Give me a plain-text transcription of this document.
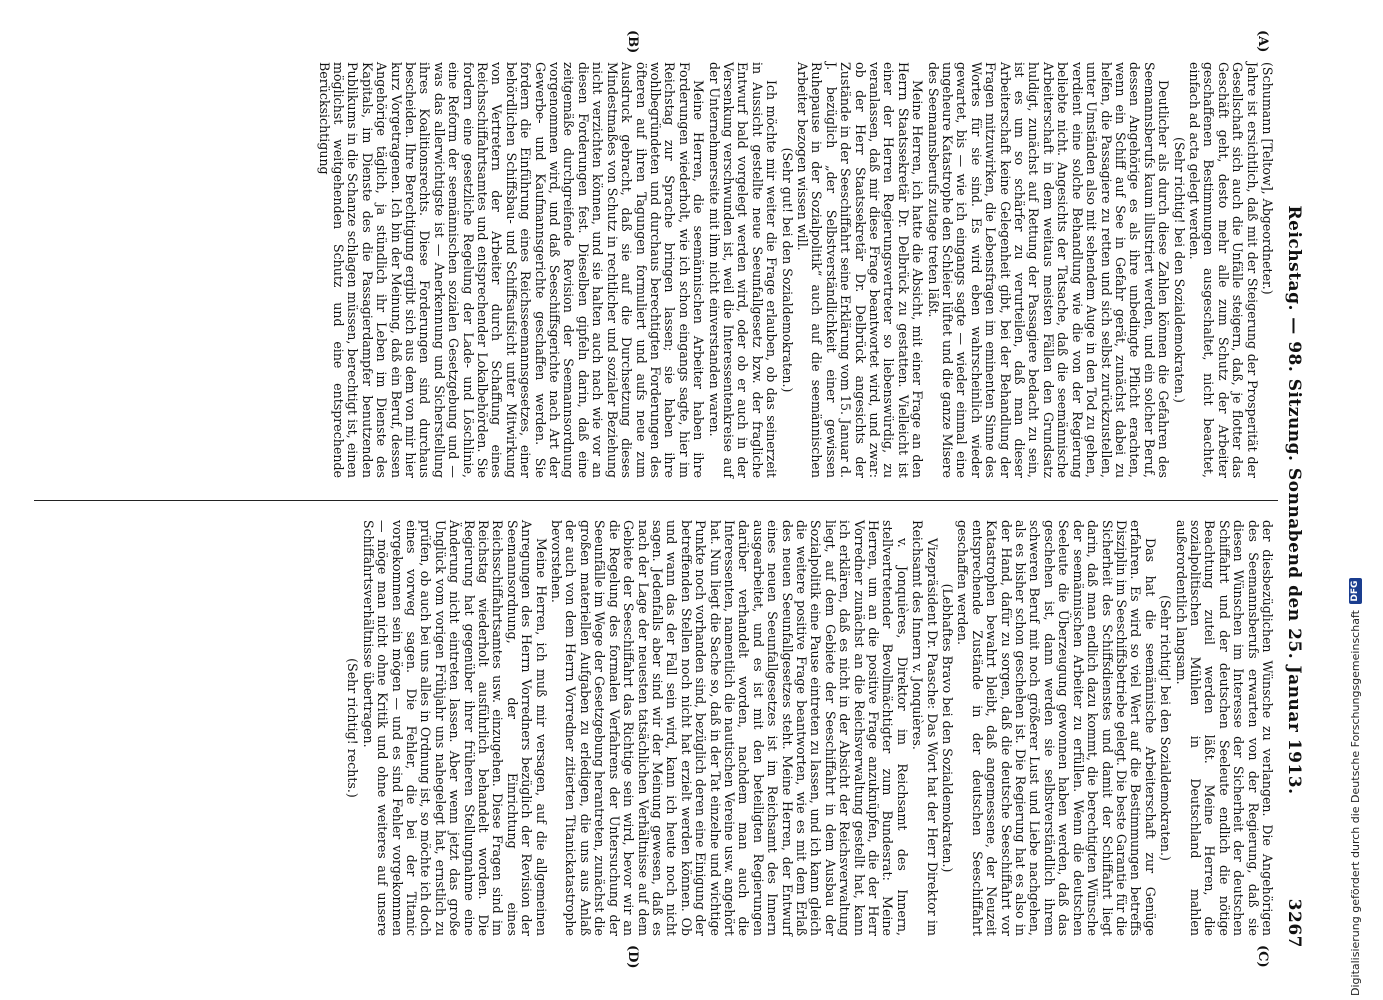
Reichstag. — 98. Sitzung. Sonnabend den 25. Januar 1913.
3267
(A)
(B)
(C)
(D)

(Schumann [Teltow], Abgeordneter.)

Jahre ist ersichtlich, daß mit der Steigerung der Prosperität der Gesellschaft sich auch die Unfälle steigern, daß, je flotter das Geschäft geht, desto mehr alle zum Schutz der Arbeiter geschaffenen Bestimmungen ausgeschaltet, nicht beachtet, einfach ad acta gelegt werden.

(Sehr richtig! bei den Sozialdemokraten.)

Deutlicher als durch diese Zahlen können die Gefahren des Seemannsberufs kaum illustriert werden, und ein solcher Beruf, dessen Angehörige es als ihre unbedingte Pflicht erachten, wenn ein Schiff auf See in Gefahr gerät, zunächst dabei zu helfen, die Passagiere zu retten und sich selbst zurückzustellen, unter Umständen also mit sehendem Auge in den Tod zu gehen, verdient eine solche Behandlung wie die von der Regierung beliebte nicht. Angesichts der Tatsache, daß die seemännische Arbeiterschaft in dem weitaus meisten Fällen den Grundsatz huldigt, zunächst auf Rettung der Passagiere bedacht zu sein, ist es um so schärfer zu verurteilen, daß man dieser Arbeiterschaft keine Gelegenheit gibt, bei der Behandlung der Fragen mitzuwirken, die Lebensfragen im eminenten Sinne des Wortes für sie sind. Es wird eben wahrscheinlich wieder gewartet, bis — wie ich eingangs sagte — wieder einmal eine ungeheure Katastrophe den Schleier lüftet und die ganze Misere des Seemannsberufs zutage treten läßt.

Meine Herren, ich hatte die Absicht, mit einer Frage an den Herrn Staatssekretär Dr. Delbrück zu gestatten. Vielleicht ist einer der Herren Regierungsvertreter so liebenswürdig, zu veranlassen, daß mir diese Frage beantwortet wird, und zwar: ob der Herr Staatssekretär Dr. Delbrück angesichts der Zustände in der Seeschiffahrt seine Erklärung vom 15. Januar d. J. bezüglich „der Selbstverständlichkeit einer gewissen Ruhepause in der Sozialpolitik“ auch auf die seemännischen Arbeiter bezogen wissen will.

(Sehr gut! bei den Sozialdemokraten.)

Ich möchte mir weiter die Frage erlauben, ob das seinerzeit in Aussicht gestellte neue Seeunfallgesetz bzw. der fragliche Entwurf bald vorgelegt werden wird, oder ob er auch in der Versenkung verschwunden ist, weil die Interessentenkreise auf der Unternehmerseite mit ihm nicht einverstanden waren.

Meine Herren, die seemännischen Arbeiter haben ihre Forderungen wiederholt, wie ich schon eingangs sagte, hier im Reichstag zur Sprache bringen lassen; sie haben ihre wohlbegründeten und durchaus berechtigten Forderungen des öfteren auf ihren Tagungen formuliert und aufs neue zum Ausdruck gebracht, daß sie auf die Durchsetzung dieses Mindestmaßes von Schutz in rechtlicher und sozialer Beziehung nicht verzichten können, und sie halten auch nach wie vor an diesen Forderungen fest. Dieselben gipfeln darin, daß eine zeitgemäße durchgreifende Revision der Seemannsordnung vorgenommen wird, und daß Seeschiffsgerichte nach Art der Gewerbe- und Kaufmannsgerichte geschaffen werden. Sie fordern die Einführung eines Reichsseemannsgesetzes, einer behördlichen Schiffsbau- und Schiffsaufsicht unter Mitwirkung von Vertretern der Arbeiter durch Schaffung eines Reichsschiffahrtsamtes und entsprechender Lokalbehörden. Sie fordern eine gesetzliche Regelung der Lade- und Löschlinie, eine Reform der seemännischen sozialen Gesetzgebung und — was das allerwichtigste ist — Anerkennung und Sicherstellung ihres Koalitionsrechts. Diese Forderungen sind durchaus bescheiden. Ihre Berechtigung ergibt sich aus dem von mir hier kurz Vorgetragenen. Ich bin der Meinung, daß ein Beruf, dessen Angehörige täglich, ja stündlich ihr Leben im Dienste des Kapitals, im Dienste des die Passagierdampfer benutzenden Publikums in die Schanze schlagen müssen, berechtigt ist, einen möglichst weitgehenden Schutz und eine entsprechende Berücksichtigung

der diesbezüglichen Wünsche zu verlangen. Die Angehörigen des Seemannsberufs erwarten von der Regierung, daß sie diesen Wünschen im Interesse der Sicherheit der deutschen Schiffahrt und der deutschen Seeleute endlich die nötige Beachtung zuteil werden läßt. Meine Herren, die sozialpolitischen Mühlen in Deutschland mahlen außerordentlich langsam.

(Sehr richtig! bei den Sozialdemokraten.)

Das hat die seemännische Arbeiterschaft zur Genüge erfahren. Es wird so viel Wert auf die Bestimmungen betreffs Disziplin im Seeschiffsbetriebe gelegt. Die beste Garantie für die Sicherheit des Schiffsdienstes und damit der Schiffahrt liegt darin, daß man endlich dazu kommt, die berechtigten Wünsche der seemännischen Arbeiter zu erfüllen. Wenn die deutschen Seeleute die Überzeugung gewonnen haben werden, daß das geschehen ist, dann werden sie selbstverständlich ihrem schweren Beruf mit noch größerer Lust und Liebe nachgehen, als es bisher schon geschehen ist. Die Regierung hat es also in der Hand, dafür zu sorgen, daß die deutsche Seeschiffahrt vor Katastrophen bewahrt bleibt, daß angemessene, der Neuzeit entsprechende Zustände in der deutschen Seeschiffahrt geschaffen werden.

(Lebhaftes Bravo bei den Sozialdemokraten.)

Vizepräsident Dr. Paasche: Das Wort hat der Herr Direktor im Reichsamt des Innern v. Jonquières.

v. Jonquières, Direktor im Reichsamt des Innern, stellvertretender Bevollmächtigter zum Bundesrat: Meine Herren, um an die positive Frage anzuknüpfen, die der Herr Vorredner zunächst an die Reichsverwaltung gestellt hat, kann ich erklären, daß es nicht in der Absicht der Reichsverwaltung liegt, auf dem Gebiete der Seeschiffahrt in dem Ausbau der Sozialpolitik eine Pause eintreten zu lassen, und ich kann gleich die weitere positive Frage beantworten, wie es mit dem Erlaß des neuen Seeunfallgesetzes steht. Meine Herren, der Entwurf eines neuen Seeunfallgesetzes ist im Reichsamt des Innern ausgearbeitet, und es ist mit den beteiligten Regierungen darüber verhandelt worden, nachdem man auch die Interessenten, namentlich die nautischen Vereine usw. angehört hat. Nun liegt die Sache so, daß in der Tat einzelne und wichtige Punkte noch vorhanden sind, bezüglich deren eine Einigung der betreffenden Stellen noch nicht hat erzielt werden können. Ob und wann das der Fall sein wird, kann ich heute noch nicht sagen. Jedenfalls aber sind wir der Meinung gewesen, daß es nach der Lage der neuesten tatsächlichen Verhältnisse auf dem Gebiete der Seeschiffahrt das Richtige sein wird, bevor wir an die Regelung des formalen Verfahrens der Untersuchung der Seeunfälle im Wege der Gesetzgebung herantreten, zunächst die großen materiellen Aufgaben zu erledigen, die uns aus Anlaß der auch von dem Herrn Vorredner zitierten Titanickatastrophe bevorstehen.

Meine Herren, ich muß mir versagen, auf die allgemeinen Anregungen des Herrn Vorredners bezüglich der Revision der Seemannsordnung, der Einrichtung eines Reichsschiffahrtsamtes usw. einzugehen. Diese Fragen sind im Reichstag wiederholt ausführlich behandelt worden. Die Regierung hat gegenüber ihrer früheren Stellungnahme eine Änderung nicht eintreten lassen. Aber wenn jetzt das große Unglück vom vorigen Frühjahr uns nahegelegt hat, ernstlich zu prüfen, ob auch bei uns alles in Ordnung ist, so möchte ich doch eines vorweg sagen. Die Fehler, die bei der Titanic vorgekommen sein mögen — und es sind Fehler vorgekommen — möge man nicht ohne Kritik und ohne weiteres auf unsere Schiffahrtsverhältnisse übertragen.

(Sehr richtig! rechts.)	Digitalisierung gefördert durch die Deutsche Forschungsgemeinschaft
DFG
